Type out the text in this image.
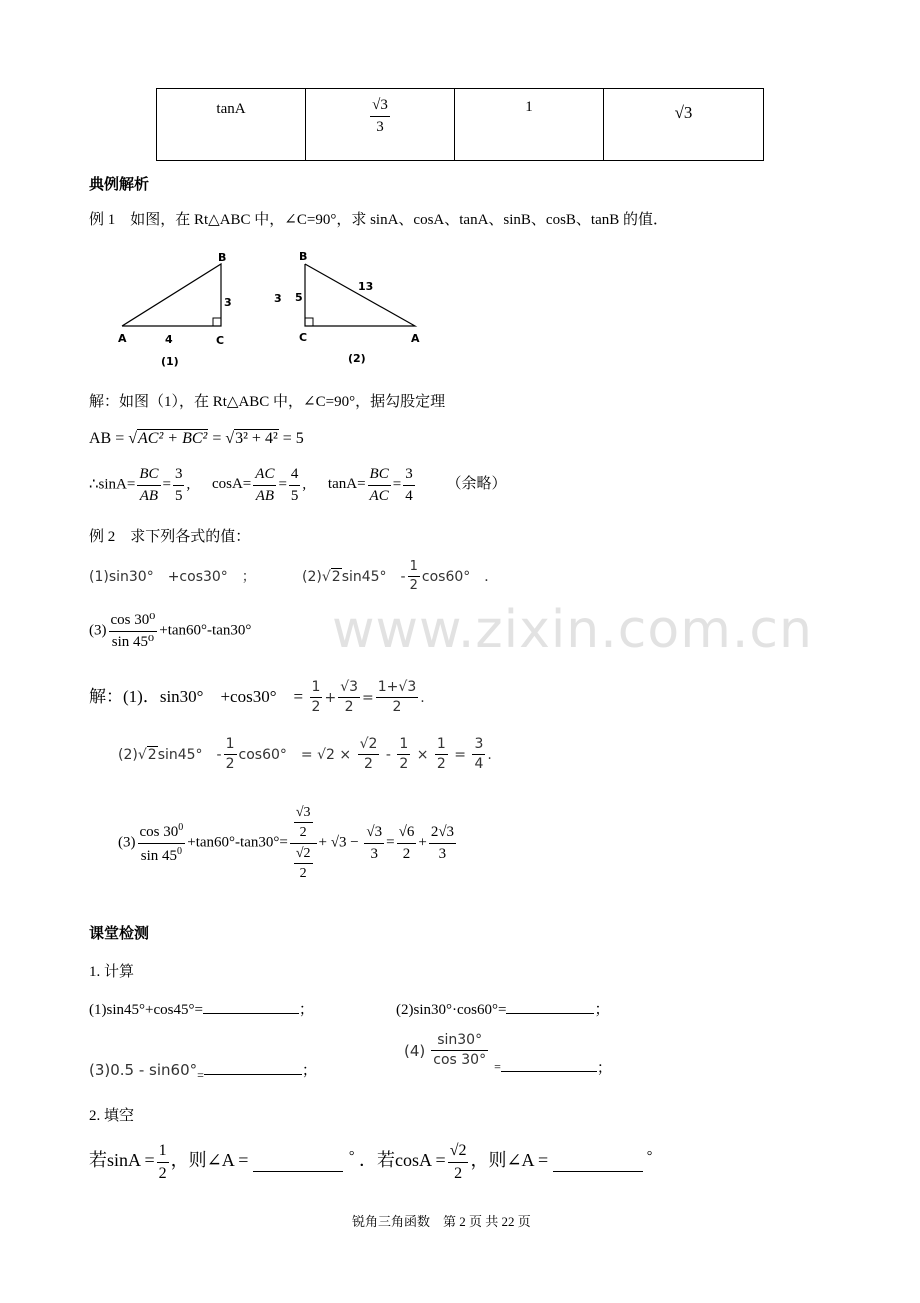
tanA	$\frac{√3}{3}$	1	√3
典例解析
例 1　如图，在 Rt△ABC 中，∠C=90°，求 sinA、cosA、tanA、sinB、cosB、tanB 的值．
B
A	C
3
4
(1)
B
A
C
5
3
13
(2)
解：如图（1），在 Rt△ABC 中，∠C=90°，据勾股定理
AB = √AC² + BC² = √3² + 4² = 5
∴sinA= $\frac{BC}{AB} = \frac{3}{5}$ , $\cos A= \frac{AC}{AB} = \frac{4}{5}$ , $\tan A= \frac{BC}{AC} = \frac{3}{4}$ （余略）
例 2　求下列各式的值：
(1)sin30°　+cos30°　；	(2)√2sin45°　- $\frac{1}{2} \cos 60^\circ$　．
$(3) \frac{\text{cos 30⁰}}{\text{sin 45⁰}} +\tan 60^\circ-\tan 30^\circ$ www.zixin.com.cn
解：(1)．sin30°　+cos30°　= $\frac{1}{2} + \frac{√3}{2} = \frac{1+√3}{2}$ .
(2)√2sin45°　- $\frac{1}{2} \cos 60^\circ$　= $√2 \times \frac{√2}{2} - \frac{1}{2} \times \frac{1}{2} = \frac{3}{4}$ .
$(3) \frac{\cos 30^0}{\sin 45^0} +\tan 60^\circ-\tan 30^\circ= \frac{\frac{√3}{2}}{\frac{√2}{2}} + √3 - \frac{√3}{3} = \frac{√6}{2} + \frac{2√3}{3}$
课堂检测
1. 计算
(1)sin45°+cos45°=	；	(2)sin30°·cos60°=	；
$(3)0.5 - \sin 60^\circ_=$	；
$(4) \frac{\sin 30^\circ}{\cos 30^\circ} _=$	；
2. 填空
若$\sin A = \frac{1}{2}$ ，则∠A =	° ．若$\cos A = \frac{√2}{2}$ ，则∠A =	°
锐角三角函数　第 2 页 共 22 页
